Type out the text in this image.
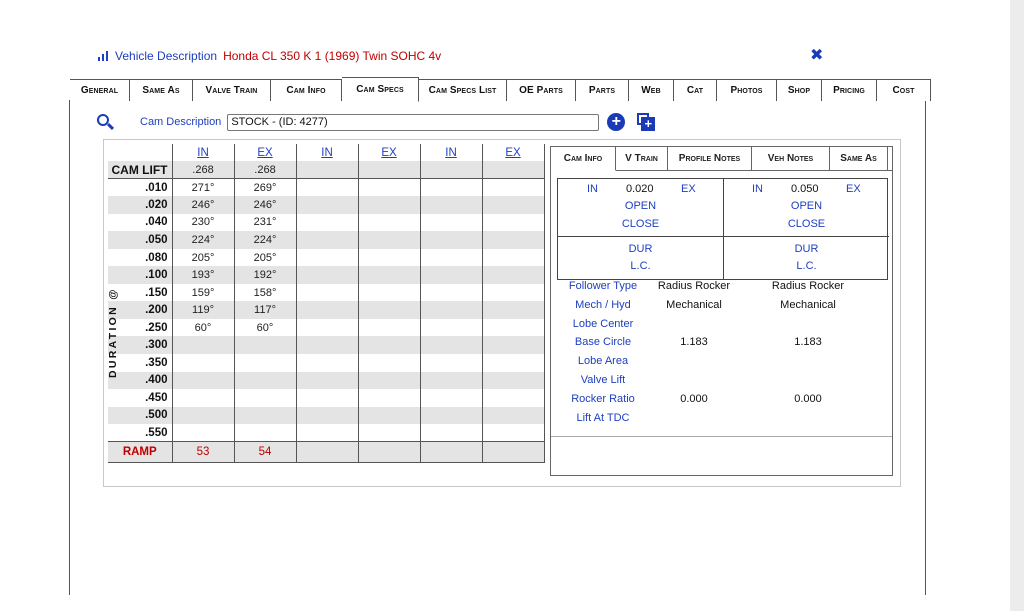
Vehicle Description Honda CL 350 K 1 (1969) Twin SOHC 4v	✖
General	Same As	Valve Train	Cam Info	Cam Specs	Cam Specs List	OE Parts	Parts	Web	Cat	Photos	Shop	Pricing	Cost
Cam Description
STOCK - (ID: 4277)	+	+
	IN	EX	IN	EX	IN	EX
CAM LIFT	.268	.268				
.010	271°	269°				
.020	246°	246°				
.040	230°	231°				
.050	224°	224°				
.080	205°	205°				
.100	193°	192°				
.150	159°	158°				
.200	119°	117°				
.250	60°	60°				
.300						
.350						
.400						
.450						
.500						
.550						
RAMP	53	54				
DURATION @
Cam Info	V Train	Profile Notes	Veh Notes	Same As
IN	0.020 EX
OPEN
CLOSE
DUR
L.C.
IN	0.050 EX
OPEN
CLOSE
DUR
L.C.
Follower Type	Radius Rocker	Radius Rocker
Mech / Hyd	Mechanical	Mechanical
Lobe Center
Base Circle	1.183	1.183
Lobe Area
Valve Lift
Rocker Ratio	0.000	0.000
Lift At TDC
